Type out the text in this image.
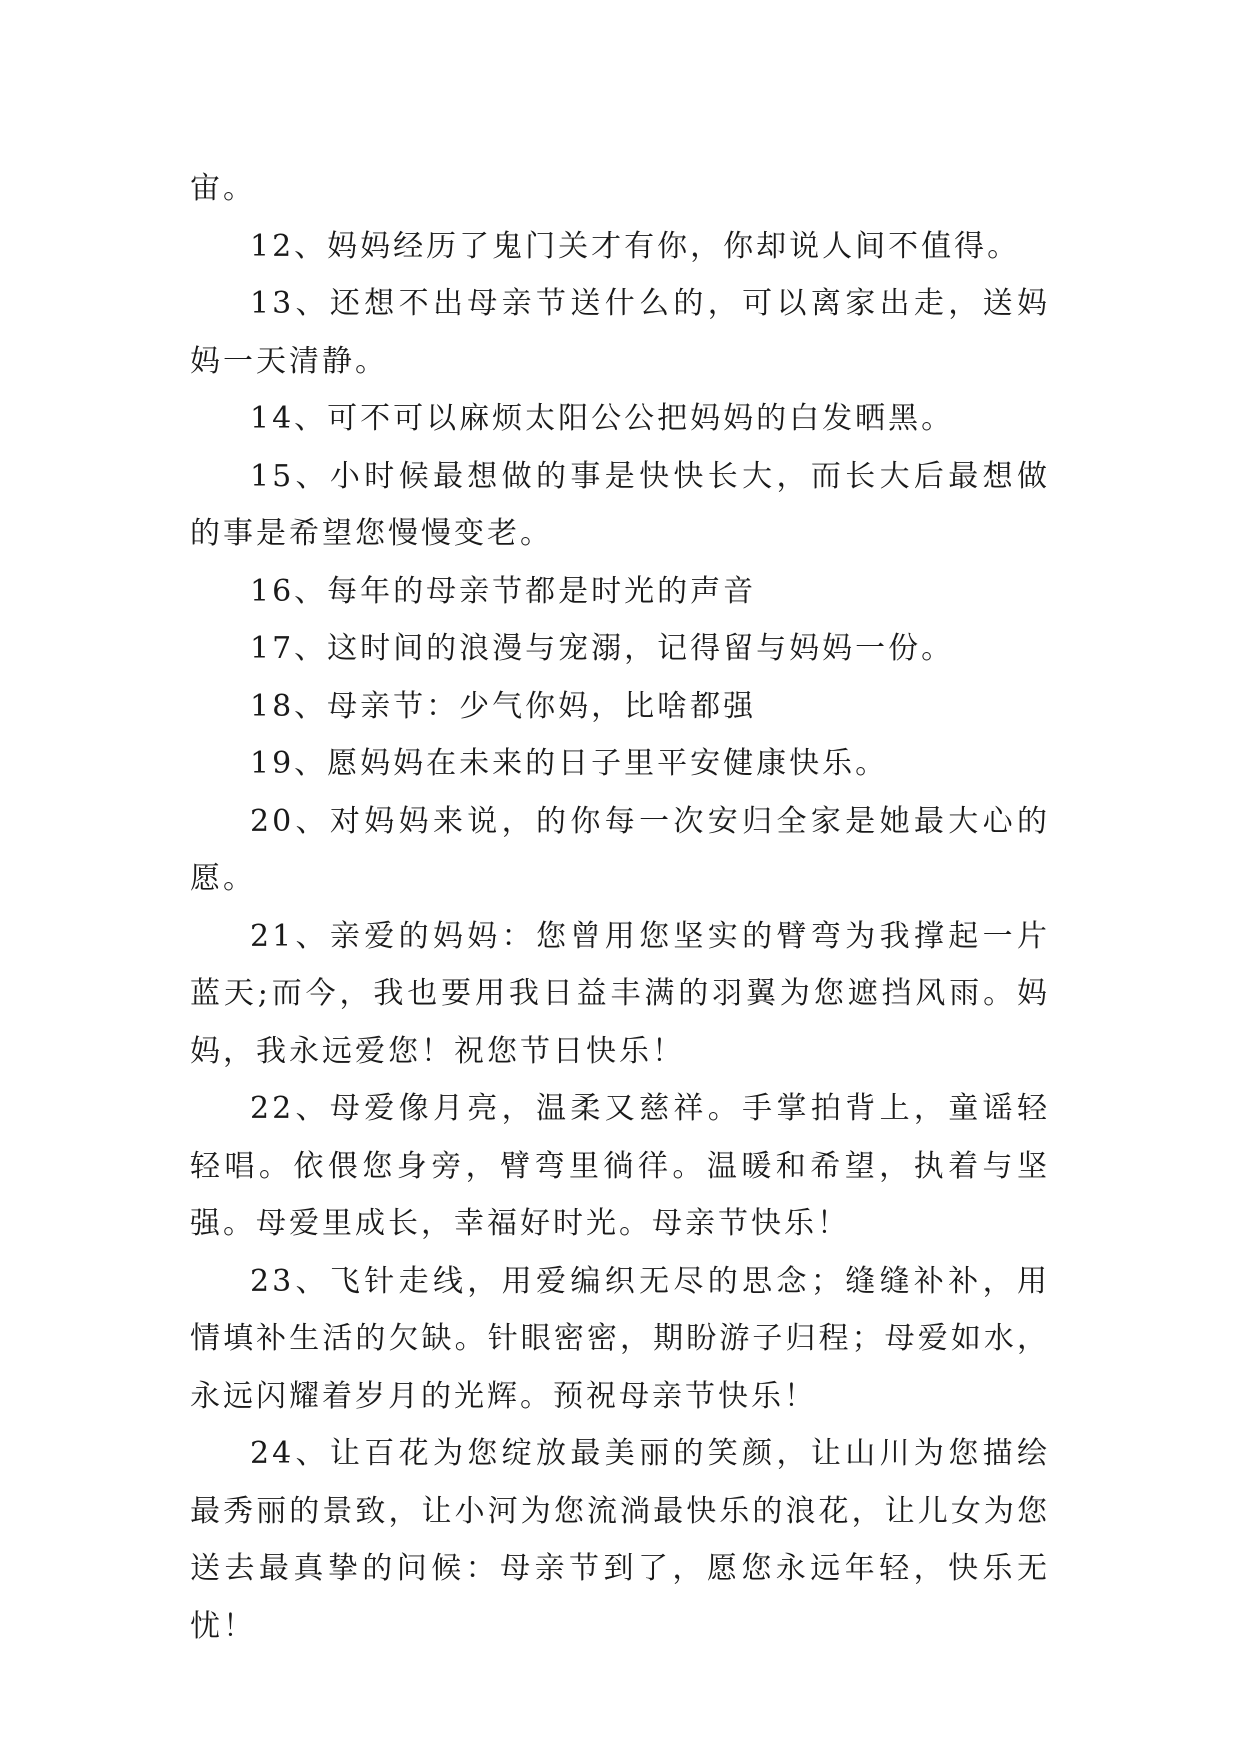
宙。

12、妈妈经历了鬼门关才有你，你却说人间不值得。

13、还想不出母亲节送什么的，可以离家出走，送妈妈一天清静。

14、可不可以麻烦太阳公公把妈妈的白发晒黑。

15、小时候最想做的事是快快长大，而长大后最想做的事是希望您慢慢变老。

16、每年的母亲节都是时光的声音

17、这时间的浪漫与宠溺，记得留与妈妈一份。

18、母亲节：少气你妈，比啥都强

19、愿妈妈在未来的日子里平安健康快乐。

20、对妈妈来说，的你每一次安归全家是她最大心的愿。

21、亲爱的妈妈：您曾用您坚实的臂弯为我撑起一片蓝天;而今，我也要用我日益丰满的羽翼为您遮挡风雨。妈妈，我永远爱您！祝您节日快乐！

22、母爱像月亮，温柔又慈祥。手掌拍背上，童谣轻轻唱。依偎您身旁，臂弯里徜徉。温暖和希望，执着与坚强。母爱里成长，幸福好时光。母亲节快乐！

23、飞针走线，用爱编织无尽的思念；缝缝补补，用情填补生活的欠缺。针眼密密，期盼游子归程；母爱如水，永远闪耀着岁月的光辉。预祝母亲节快乐！

24、让百花为您绽放最美丽的笑颜，让山川为您描绘最秀丽的景致，让小河为您流淌最快乐的浪花，让儿女为您送去最真挚的问候：母亲节到了，愿您永远年轻，快乐无忧！
